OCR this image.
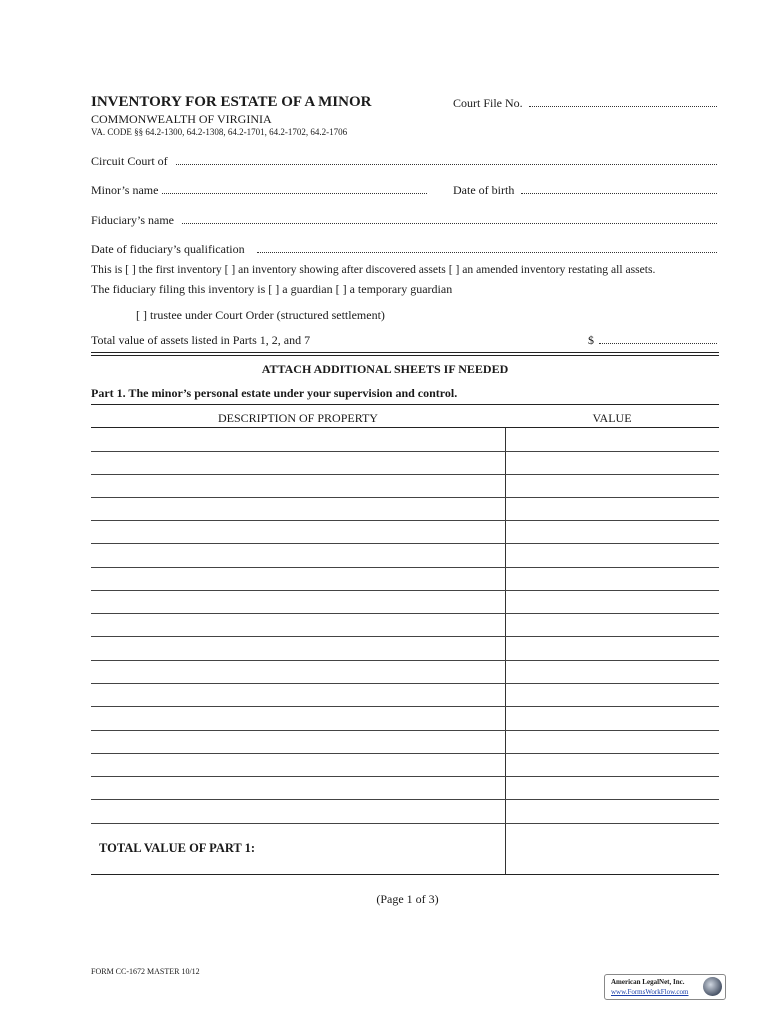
INVENTORY FOR ESTATE OF A MINOR	Court File No.
COMMONWEALTH OF VIRGINIA
VA. CODE §§ 64.2-1300, 64.2-1308, 64.2-1701, 64.2-1702, 64.2-1706
Circuit Court of
Minor’s name	Date of birth
Fiduciary’s name
Date of fiduciary’s qualification
This is [ ] the first inventory [ ] an inventory showing after discovered assets [ ] an amended inventory restating all assets.
The fiduciary filing this inventory is [ ] a guardian [ ] a temporary guardian
[ ] trustee under Court Order (structured settlement)
Total value of assets listed in Parts 1, 2, and 7	$
ATTACH ADDITIONAL SHEETS IF NEEDED
Part 1. The minor’s personal estate under your supervision and control.
DESCRIPTION OF PROPERTY	VALUE
TOTAL VALUE OF PART 1:
(Page 1 of 3)
FORM CC-1672 MASTER 10/12
American LegalNet, Inc.
www.FormsWorkFlow.com
